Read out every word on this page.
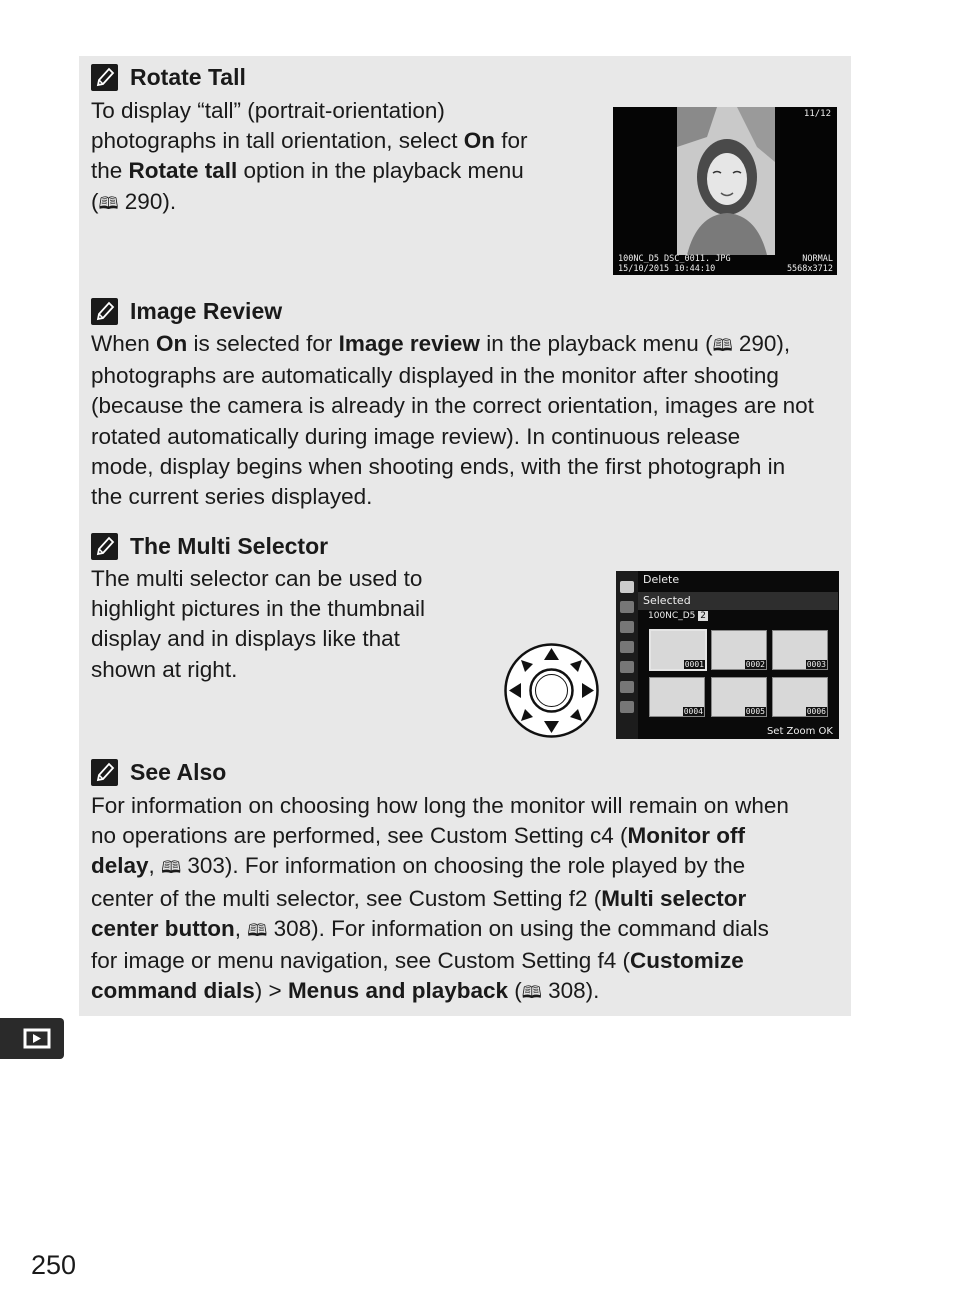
Rotate Tall
To display “tall” (portrait-orientation)
photographs in tall orientation, select On for
the Rotate tall option in the playback menu
(🕮 290).
11/12
100NC_D5 DSC_0011. JPG
15/10/2015 10:44:10
NORMAL
5568x3712
Image Review
When On is selected for Image review in the playback menu (🕮 290),
photographs are automatically displayed in the monitor after shooting
(because the camera is already in the correct orientation, images are not
rotated automatically during image review). In continuous release
mode, display begins when shooting ends, with the first photograph in
the current series displayed.
The Multi Selector
The multi selector can be used to
highlight pictures in the thumbnail
display and in displays like that
shown at right.
Delete
Selected
100NC_D5 2
0001	0002	0003
0004	0005	0006
Set Zoom OK
See Also
For information on choosing how long the monitor will remain on when
no operations are performed, see Custom Setting c4 (Monitor off
delay, 🕮 303). For information on choosing the role played by the
center of the multi selector, see Custom Setting f2 (Multi selector
center button, 🕮 308). For information on using the command dials
for image or menu navigation, see Custom Setting f4 (Customize
command dials) > Menus and playback (🕮 308).
250
